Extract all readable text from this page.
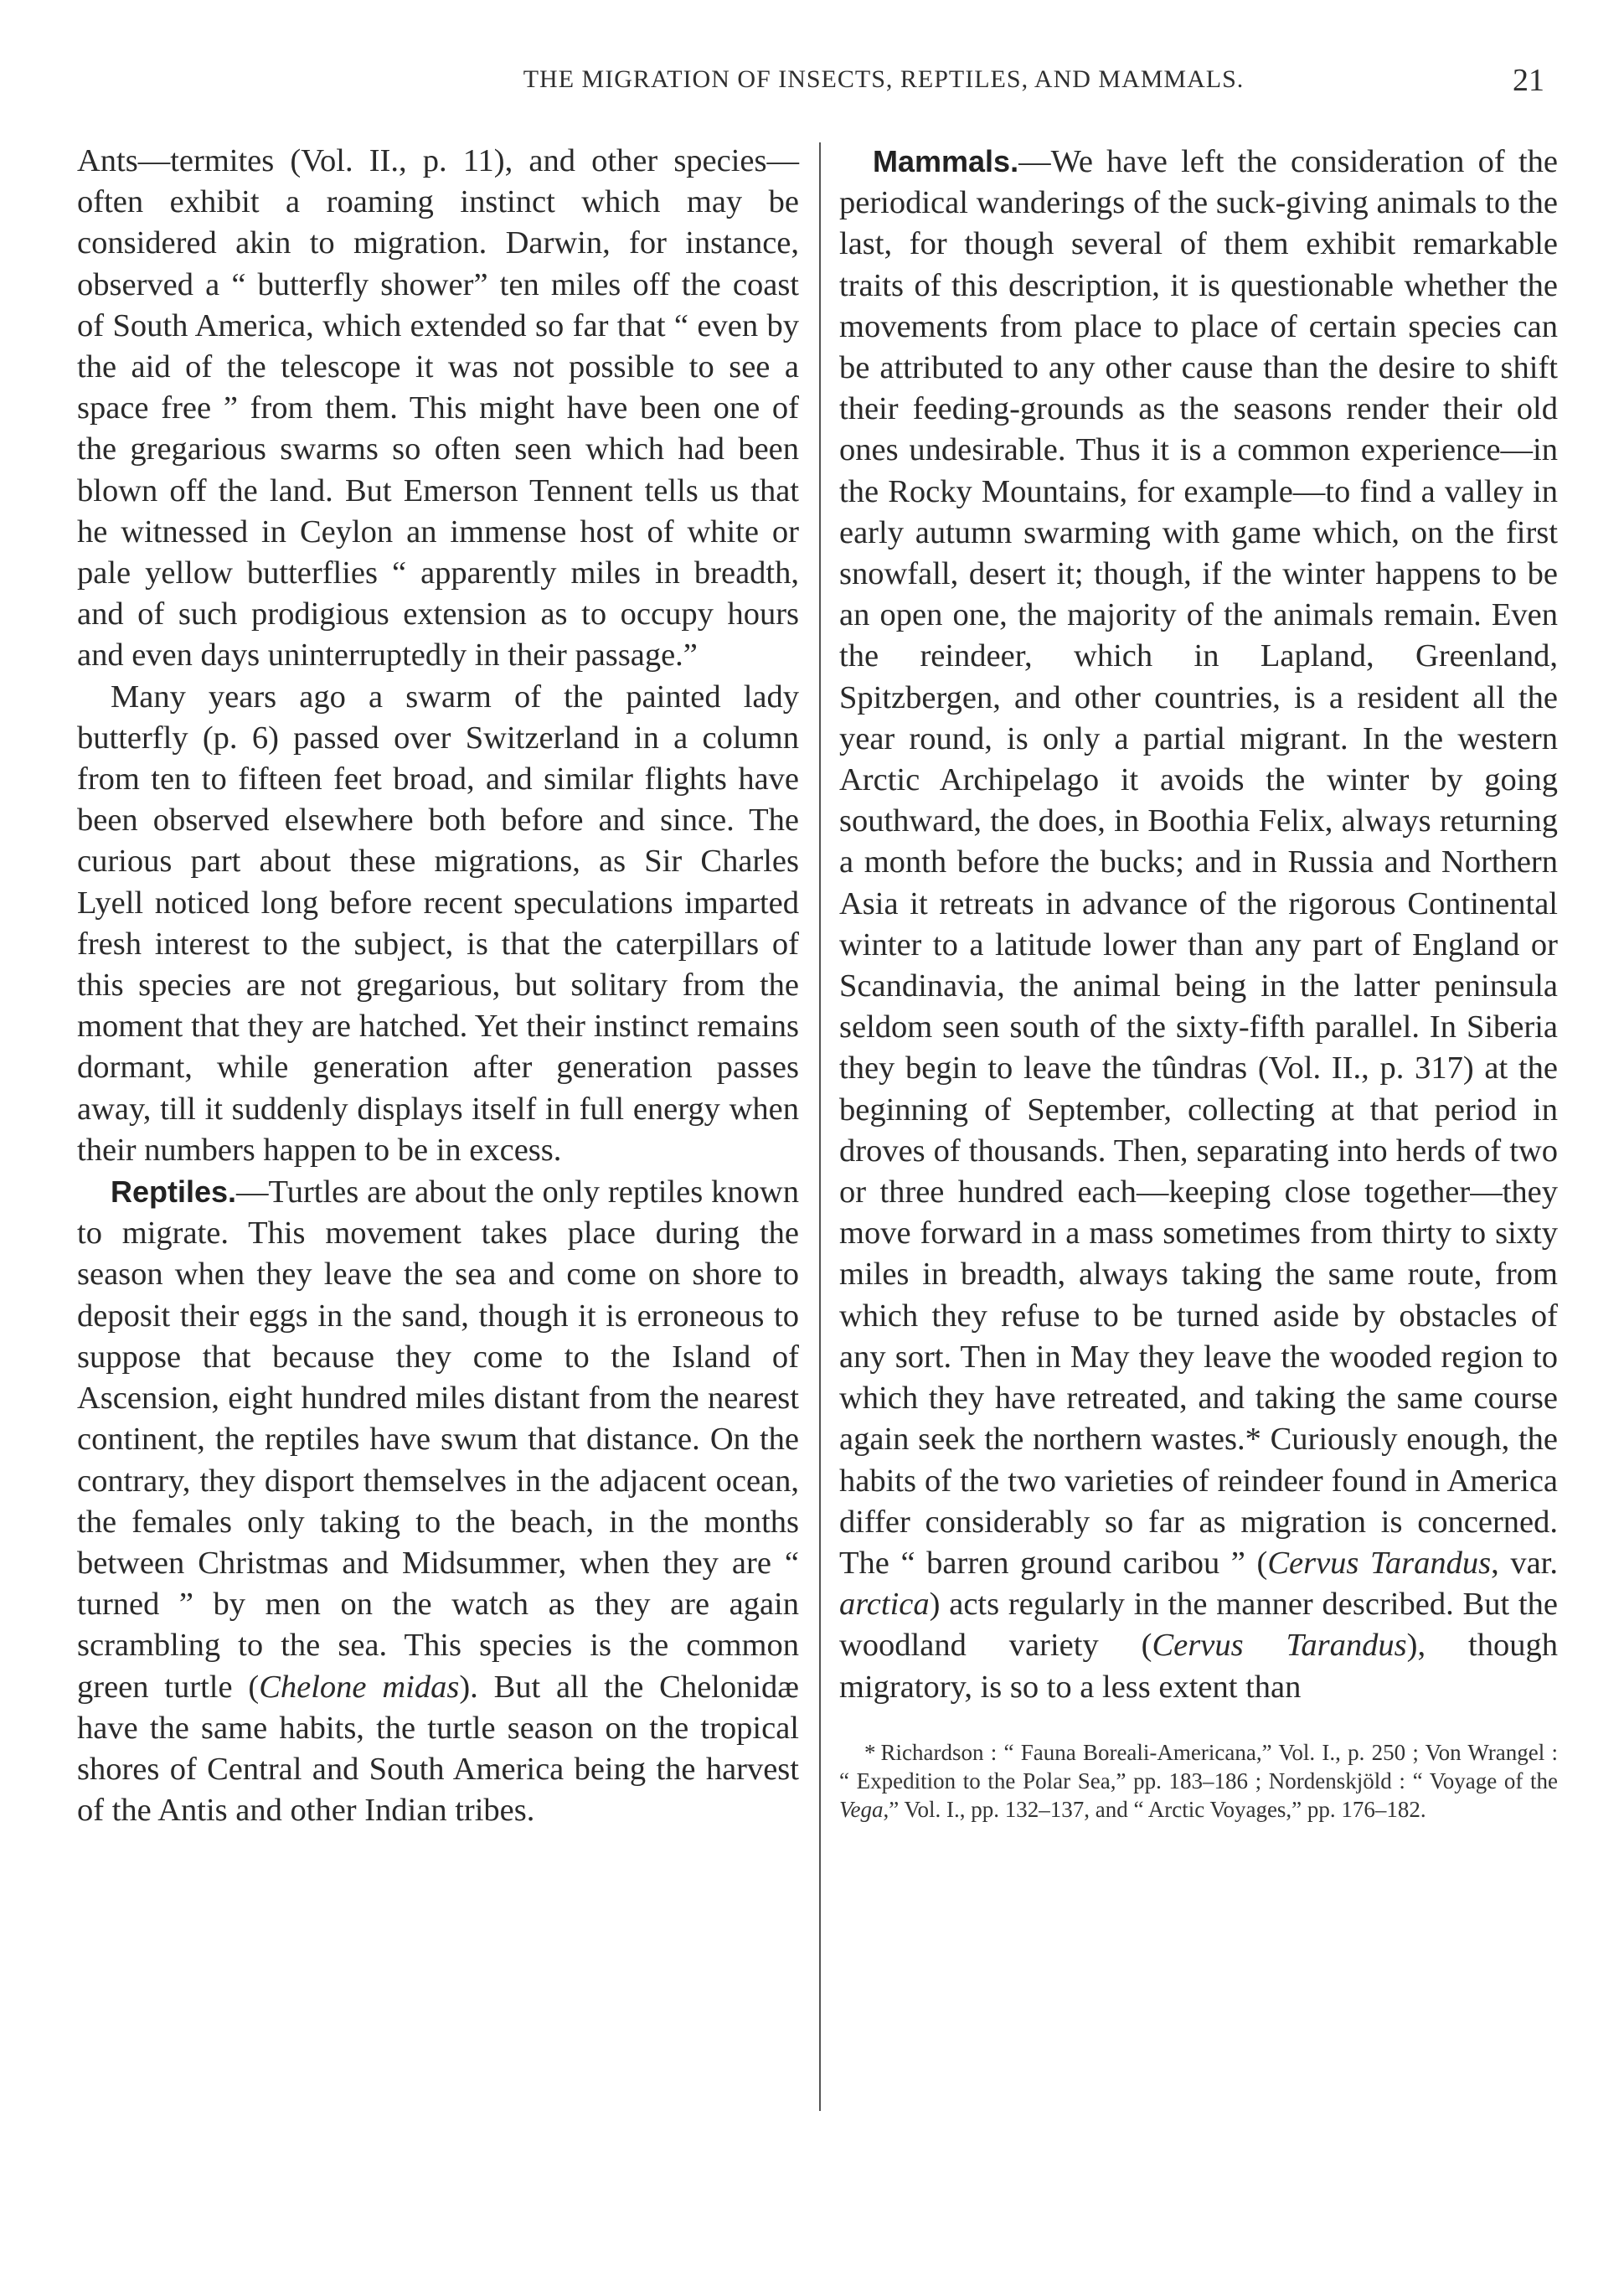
THE MIGRATION OF INSECTS, REPTILES, AND MAMMALS.	21

Ants—termites (Vol. II., p. 11), and other species—often exhibit a roaming instinct which may be considered akin to migration. Darwin, for instance, observed a “ butterfly shower” ten miles off the coast of South America, which extended so far that “ even by the aid of the telescope it was not possible to see a space free ” from them. This might have been one of the gregarious swarms so often seen which had been blown off the land. But Emerson Tennent tells us that he witnessed in Ceylon an immense host of white or pale yellow butterflies “ apparently miles in breadth, and of such prodigious extension as to occupy hours and even days uninterruptedly in their passage.”

Many years ago a swarm of the painted lady butterfly (p. 6) passed over Switzerland in a column from ten to fifteen feet broad, and similar flights have been observed elsewhere both before and since. The curious part about these migrations, as Sir Charles Lyell noticed long before recent speculations imparted fresh interest to the subject, is that the caterpillars of this species are not gregarious, but solitary from the moment that they are hatched. Yet their instinct remains dormant, while generation after generation passes away, till it suddenly displays itself in full energy when their numbers happen to be in excess.

Reptiles.—Turtles are about the only reptiles known to migrate. This movement takes place during the season when they leave the sea and come on shore to deposit their eggs in the sand, though it is erroneous to suppose that because they come to the Island of Ascension, eight hundred miles distant from the nearest continent, the reptiles have swum that distance. On the contrary, they disport themselves in the adjacent ocean, the females only taking to the beach, in the months between Christmas and Midsummer, when they are “ turned ” by men on the watch as they are again scrambling to the sea. This species is the common green turtle (Chelone midas). But all the Chelonidæ have the same habits, the turtle season on the tropical shores of Central and South America being the harvest of the Antis and other Indian tribes.

Mammals.—We have left the consideration of the periodical wanderings of the suck-giving animals to the last, for though several of them exhibit remarkable traits of this description, it is questionable whether the movements from place to place of certain species can be attributed to any other cause than the desire to shift their feeding-grounds as the seasons render their old ones undesirable. Thus it is a common experience—in the Rocky Mountains, for example—to find a valley in early autumn swarming with game which, on the first snowfall, desert it; though, if the winter happens to be an open one, the majority of the animals remain. Even the reindeer, which in Lapland, Greenland, Spitzbergen, and other countries, is a resident all the year round, is only a partial migrant. In the western Arctic Archipelago it avoids the winter by going southward, the does, in Boothia Felix, always returning a month before the bucks; and in Russia and Northern Asia it retreats in advance of the rigorous Continental winter to a latitude lower than any part of England or Scandinavia, the animal being in the latter peninsula seldom seen south of the sixty-fifth parallel. In Siberia they begin to leave the tûndras (Vol. II., p. 317) at the beginning of September, collecting at that period in droves of thousands. Then, separating into herds of two or three hundred each—keeping close together—they move forward in a mass sometimes from thirty to sixty miles in breadth, always taking the same route, from which they refuse to be turned aside by obstacles of any sort. Then in May they leave the wooded region to which they have retreated, and taking the same course again seek the northern wastes.* Curiously enough, the habits of the two varieties of reindeer found in America differ considerably so far as migration is concerned. The “ barren ground caribou ” (Cervus Tarandus, var. arctica) acts regularly in the manner described. But the woodland variety (Cervus Tarandus), though migratory, is so to a less extent than

* Richardson : “ Fauna Boreali-Americana,” Vol. I., p. 250 ; Von Wrangel : “ Expedition to the Polar Sea,” pp. 183–186 ; Nordenskjöld : “ Voyage of the Vega,” Vol. I., pp. 132–137, and “ Arctic Voyages,” pp. 176–182.
